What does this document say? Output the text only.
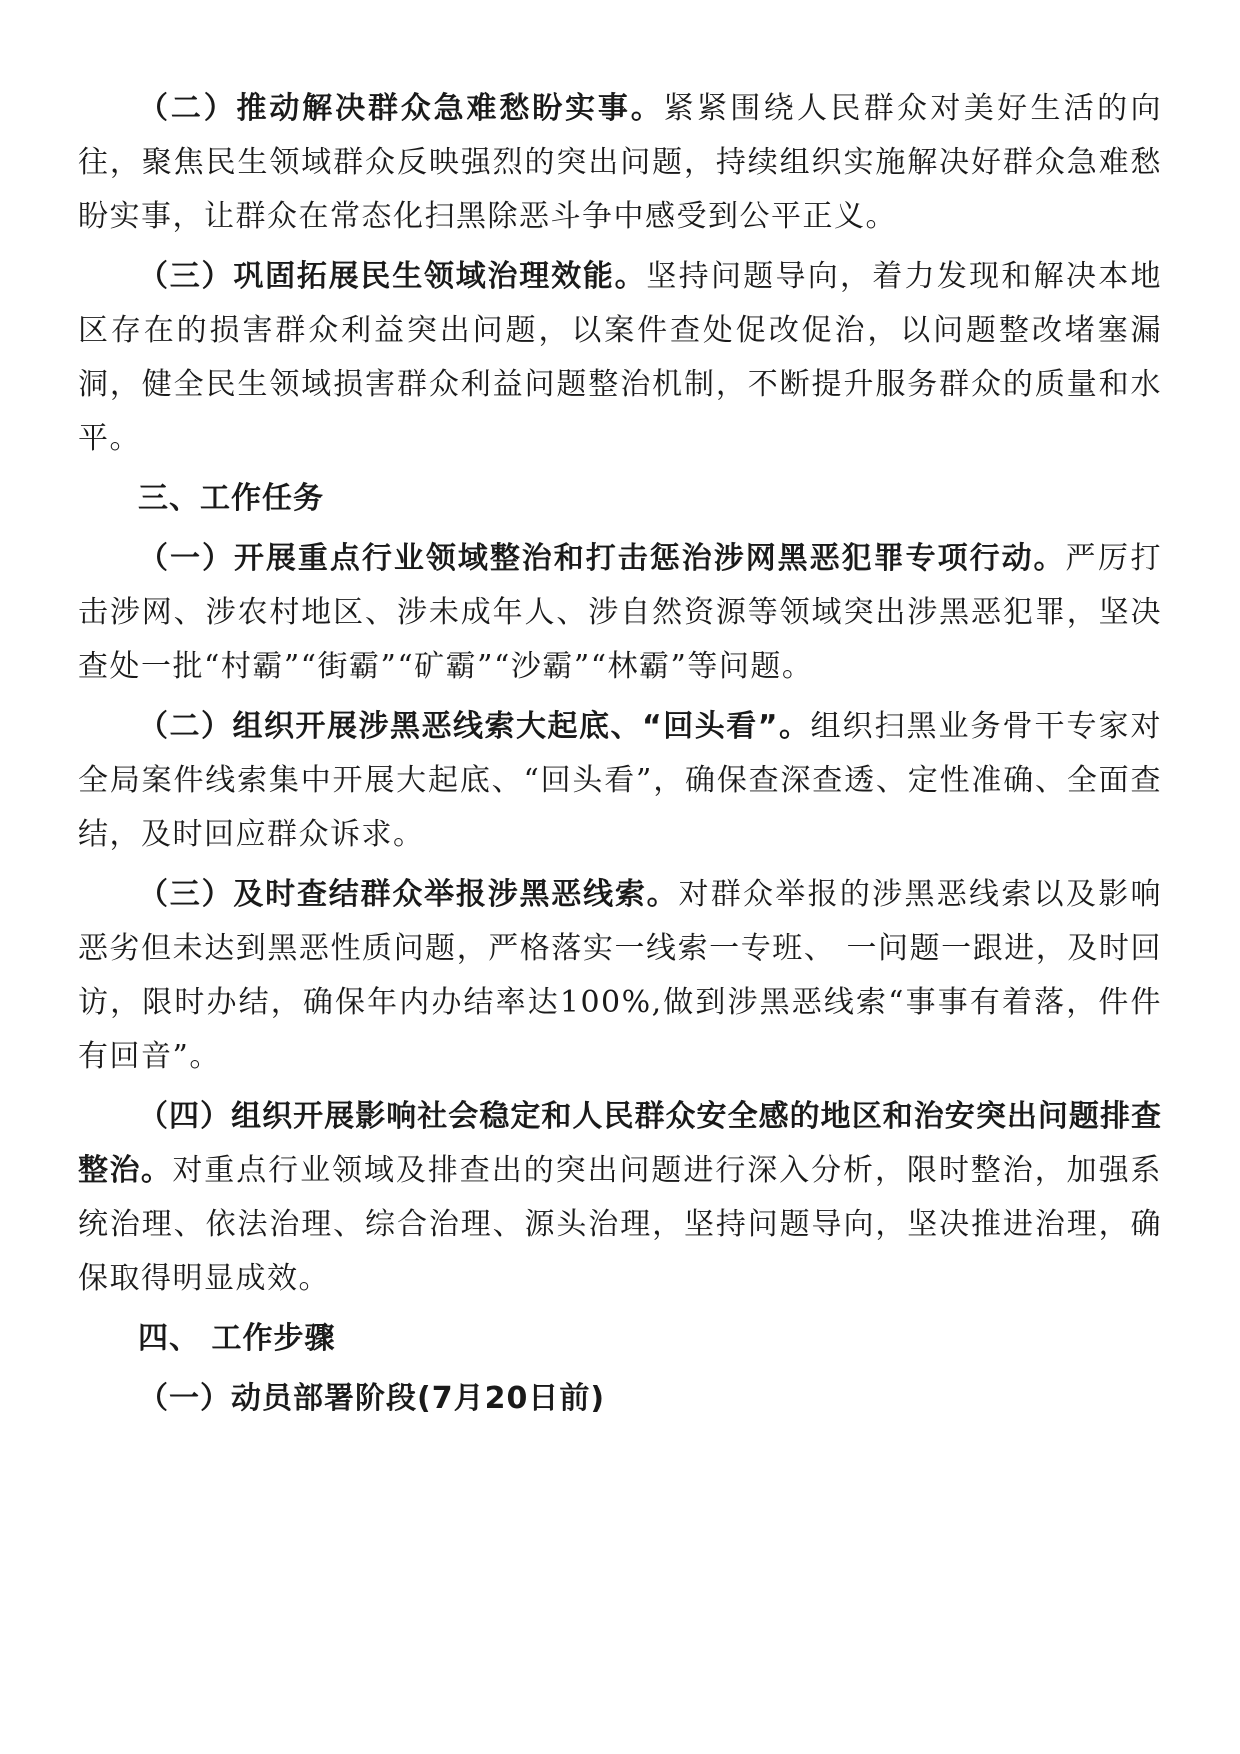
（二）推动解决群众急难愁盼实事。紧紧围绕人民群众对美好生活的向往，聚焦民生领域群众反映强烈的突出问题，持续组织实施解决好群众急难愁盼实事，让群众在常态化扫黑除恶斗争中感受到公平正义。

（三）巩固拓展民生领域治理效能。坚持问题导向，着力发现和解决本地区存在的损害群众利益突出问题，以案件查处促改促治，以问题整改堵塞漏洞，健全民生领域损害群众利益问题整治机制，不断提升服务群众的质量和水平。

三、工作任务

（一）开展重点行业领域整治和打击惩治涉网黑恶犯罪专项行动。严厉打击涉网、涉农村地区、涉未成年人、涉自然资源等领域突出涉黑恶犯罪，坚决查处一批“村霸”“街霸”“矿霸”“沙霸”“林霸”等问题。

（二）组织开展涉黑恶线索大起底、“回头看”。组织扫黑业务骨干专家对全局案件线索集中开展大起底、“回头看”，确保查深查透、定性准确、全面查结，及时回应群众诉求。

（三）及时查结群众举报涉黑恶线索。对群众举报的涉黑恶线索以及影响恶劣但未达到黑恶性质问题，严格落实一线索一专班、 一问题一跟进，及时回访，限时办结，确保年内办结率达100%,做到涉黑恶线索“事事有着落，件件有回音”。

（四）组织开展影响社会稳定和人民群众安全感的地区和治安突出问题排查整治。对重点行业领域及排查出的突出问题进行深入分析，限时整治，加强系统治理、依法治理、综合治理、源头治理，坚持问题导向，坚决推进治理，确保取得明显成效。

四、 工作步骤

（一）动员部署阶段(7月20日前)
